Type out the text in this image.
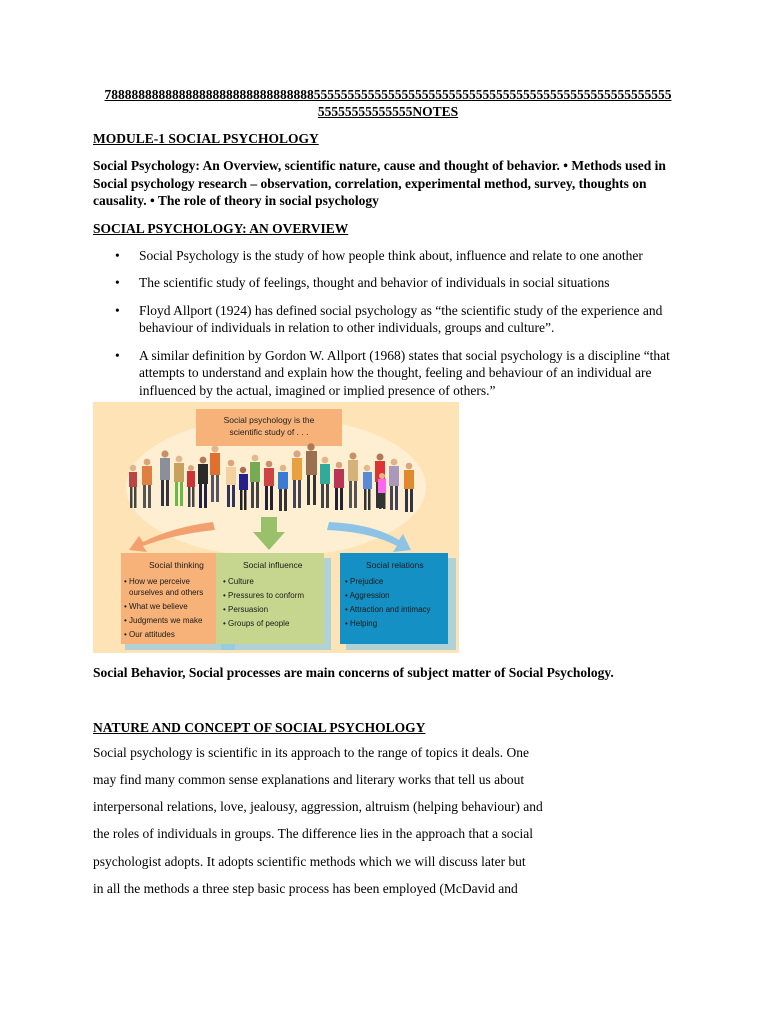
788888888888888888888888888888855555555555555555555555555555555555555555555555555555

55555555555555NOTES

MODULE-1 SOCIAL PSYCHOLOGY

Social Psychology: An Overview, scientific nature, cause and thought of behavior. • Methods used in Social psychology research – observation, correlation, experimental method, survey, thoughts on causality. • The role of theory in social psychology

SOCIAL PSYCHOLOGY: AN OVERVIEW

• Social Psychology is the study of how people think about, influence and relate to one another
• The scientific study of feelings, thought and behavior of individuals in social situations
• Floyd Allport (1924) has defined social psychology as “the scientific study of the experience and behaviour of individuals in relation to other individuals, groups and culture”.
• A similar definition by Gordon W. Allport (1968) states that social psychology is a discipline “that attempts to understand and explain how the thought, feeling and behaviour of an individual are influenced by the actual, imagined or implied presence of others.”
Social psychology is the
scientific study of . . .
Social thinking
• How we perceive
ourselves and others
• What we believe
• Judgments we make
• Our attitudes
Social influence
• Culture
• Pressures to conform
• Persuasion
• Groups of people
Social relations
• Prejudice
• Aggression
• Attraction and intimacy
• Helping

Social Behavior, Social processes are main concerns of subject matter of Social Psychology.

NATURE AND CONCEPT OF SOCIAL PSYCHOLOGY

Social psychology is scientific in its approach to the range of topics it deals. One

may find many common sense explanations and literary works that tell us about

interpersonal relations, love, jealousy, aggression, altruism (helping behaviour) and

the roles of individuals in groups. The difference lies in the approach that a social

psychologist adopts. It adopts scientific methods which we will discuss later but

in all the methods a three step basic process has been employed (McDavid and
